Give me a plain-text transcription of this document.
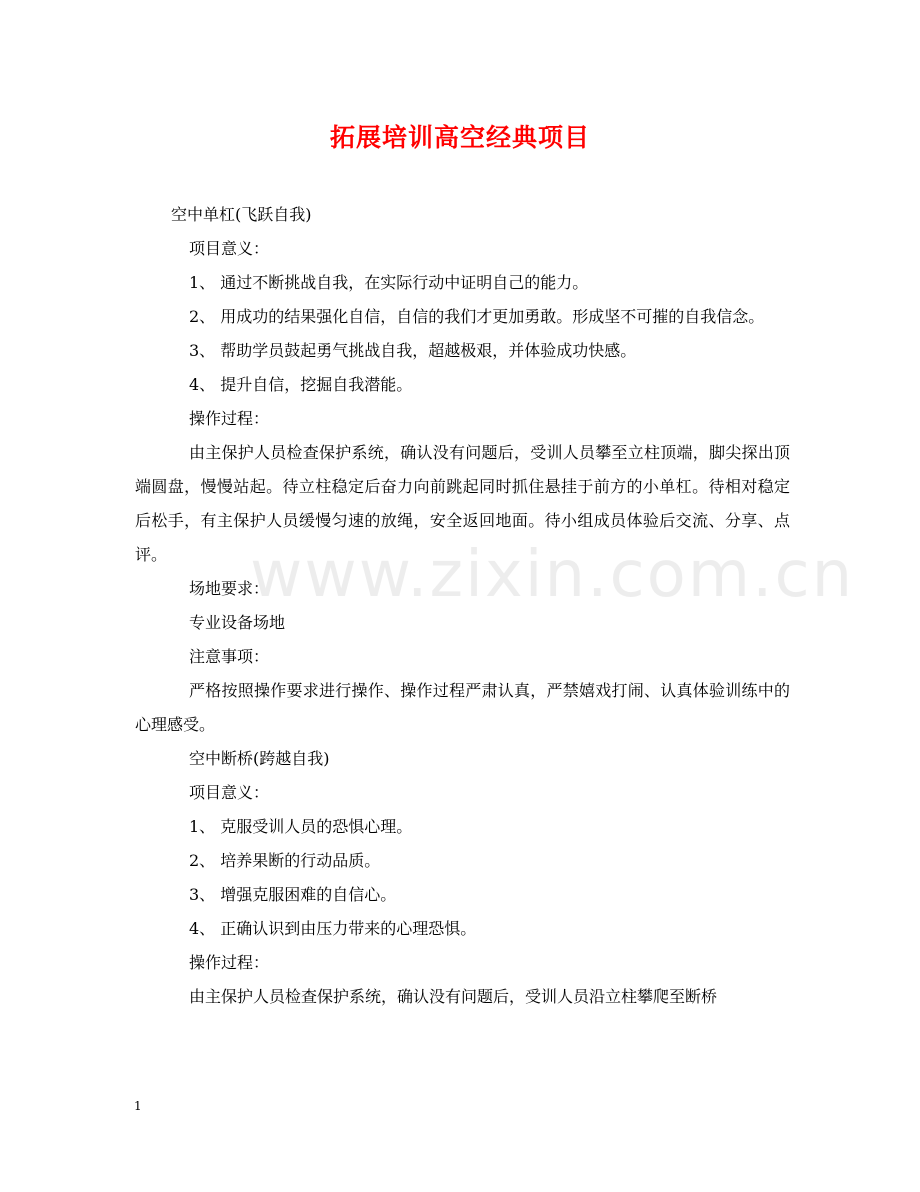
拓展培训高空经典项目
www.zixin.com.cn

空中单杠(飞跃自我)

项目意义：

1、 通过不断挑战自我，在实际行动中证明自己的能力。

2、 用成功的结果强化自信，自信的我们才更加勇敢。形成坚不可摧的自我信念。

3、 帮助学员鼓起勇气挑战自我，超越极艰，并体验成功快感。

4、 提升自信，挖掘自我潜能。

操作过程：

由主保护人员检查保护系统，确认没有问题后，受训人员攀至立柱顶端，脚尖探出顶端圆盘，慢慢站起。待立柱稳定后奋力向前跳起同时抓住悬挂于前方的小单杠。待相对稳定后松手，有主保护人员缓慢匀速的放绳，安全返回地面。待小组成员体验后交流、分享、点评。

场地要求：

专业设备场地

注意事项：

严格按照操作要求进行操作、操作过程严肃认真，严禁嬉戏打闹、认真体验训练中的心理感受。

空中断桥(跨越自我)

项目意义：

1、 克服受训人员的恐惧心理。

2、 培养果断的行动品质。

3、 增强克服困难的自信心。

4、 正确认识到由压力带来的心理恐惧。

操作过程：

由主保护人员检查保护系统，确认没有问题后，受训人员沿立柱攀爬至断桥

1
